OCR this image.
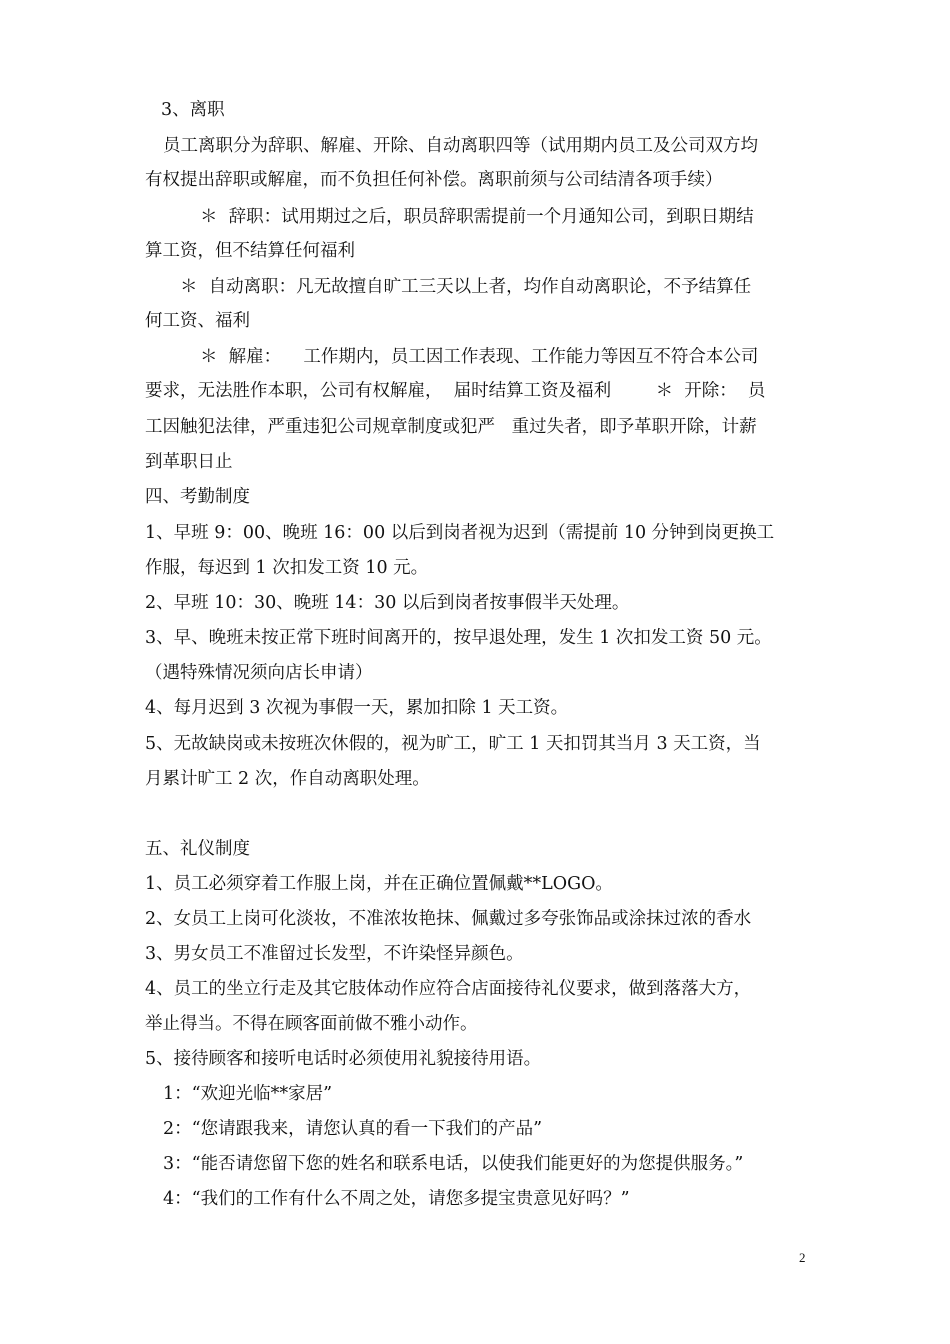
3、离职
员工离职分为辞职、解雇、开除、自动离职四等（试用期内员工及公司双方均
有权提出辞职或解雇，而不负担任何补偿。离职前须与公司结清各项手续）
＊  辞职：试用期过之后，职员辞职需提前一个月通知公司，到职日期结
算工资，但不结算任何福利
＊  自动离职：凡无故擅自旷工三天以上者，均作自动离职论，不予结算任
何工资、福利
＊  解雇：    工作期内，员工因工作表现、工作能力等因互不符合本公司
要求，无法胜作本职，公司有权解雇，  届时结算工资及福利        ＊  开除：  员
工因触犯法律，严重违犯公司规章制度或犯严   重过失者，即予革职开除，计薪
到革职日止
四、考勤制度
1、早班 9：00、晚班 16：00 以后到岗者视为迟到（需提前 10 分钟到岗更换工
作服，每迟到 1 次扣发工资 10 元。
2、早班 10：30、晚班 14：30 以后到岗者按事假半天处理。
3、早、晚班未按正常下班时间离开的，按早退处理，发生 1 次扣发工资 50 元。
（遇特殊情况须向店长申请）
4、每月迟到 3 次视为事假一天，累加扣除 1 天工资。
5、无故缺岗或未按班次休假的，视为旷工，旷工 1 天扣罚其当月 3 天工资，当
月累计旷工 2 次，作自动离职处理。
五、礼仪制度
1、员工必须穿着工作服上岗，并在正确位置佩戴**LOGO。
2、女员工上岗可化淡妆，不准浓妆艳抹、佩戴过多夸张饰品或涂抹过浓的香水
3、男女员工不准留过长发型，不许染怪异颜色。
4、员工的坐立行走及其它肢体动作应符合店面接待礼仪要求，做到落落大方，
举止得当。不得在顾客面前做不雅小动作。
5、接待顾客和接听电话时必须使用礼貌接待用语。
1：“欢迎光临**家居”
2：“您请跟我来，请您认真的看一下我们的产品”
3：“能否请您留下您的姓名和联系电话，以使我们能更好的为您提供服务。”
4：“我们的工作有什么不周之处，请您多提宝贵意见好吗？”
2
